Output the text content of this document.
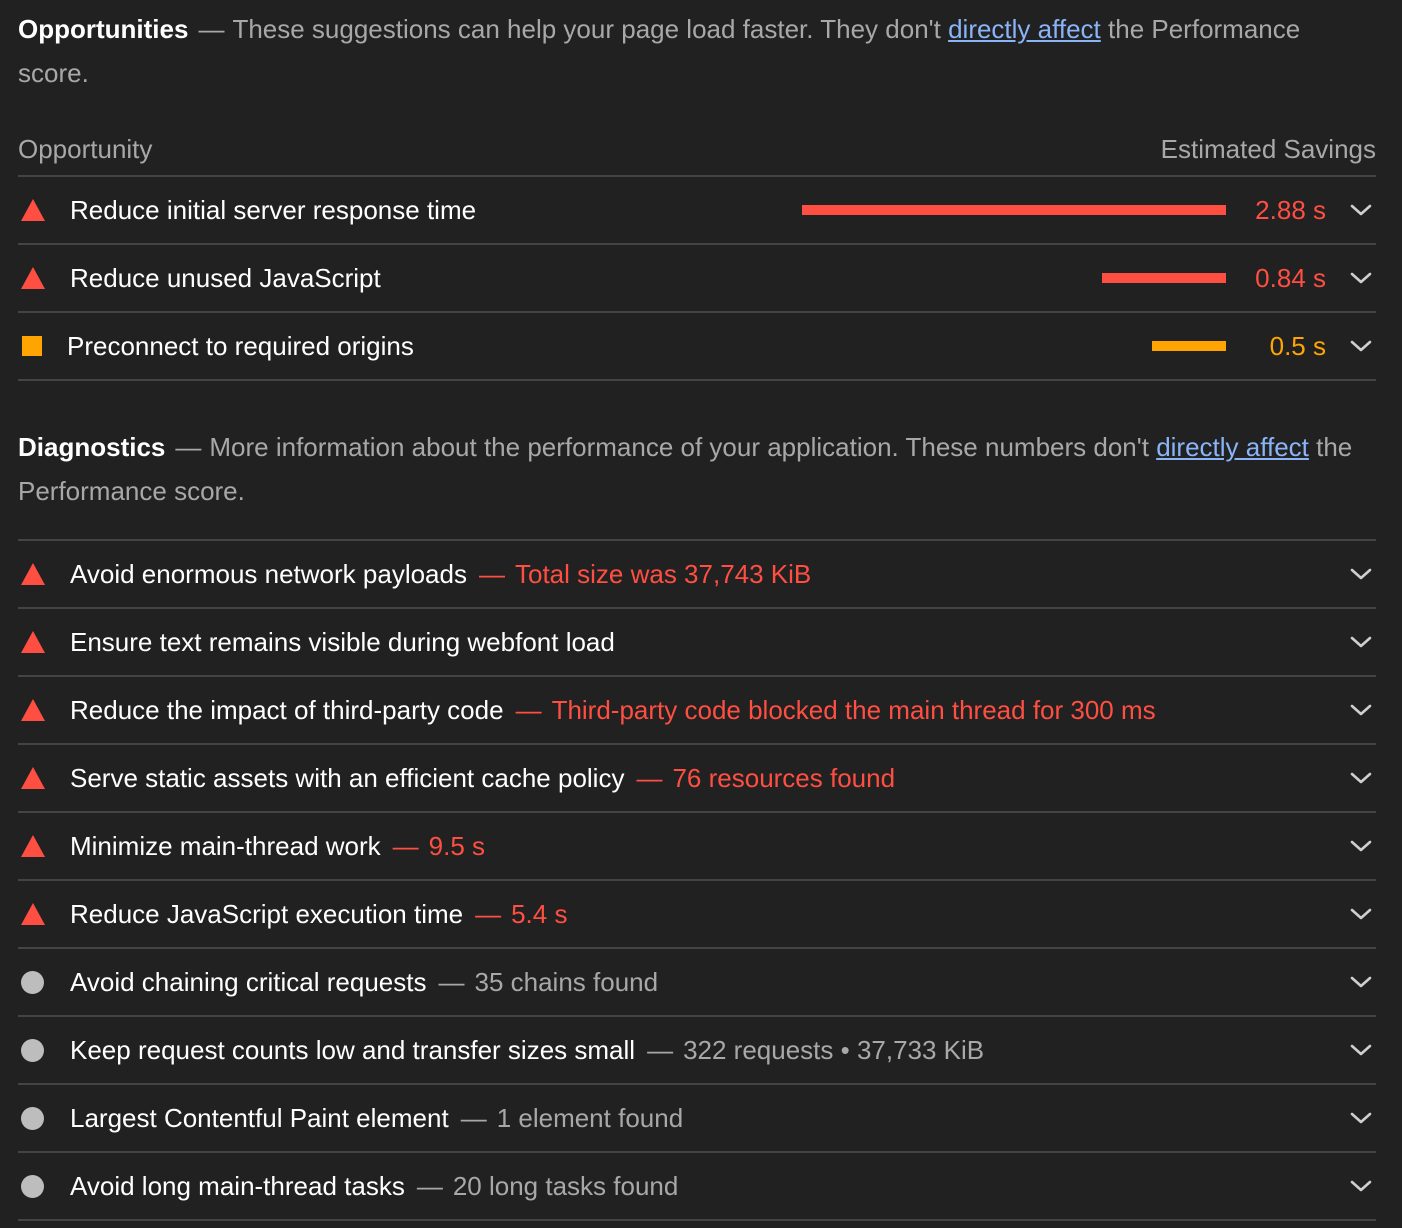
Opportunities — These suggestions can help your page load faster. They don't directly affect the Performance score.
Opportunity	Estimated Savings
Reduce initial server response time	2.88 s
Reduce unused JavaScript	0.84 s
Preconnect to required origins	0.5 s
Diagnostics — More information about the performance of your application. These numbers don't directly affect the Performance score.
Avoid enormous network payloads — Total size was 37,743 KiB
Ensure text remains visible during webfont load
Reduce the impact of third-party code — Third-party code blocked the main thread for 300 ms
Serve static assets with an efficient cache policy — 76 resources found
Minimize main-thread work — 9.5 s
Reduce JavaScript execution time — 5.4 s
Avoid chaining critical requests — 35 chains found
Keep request counts low and transfer sizes small — 322 requests • 37,733 KiB
Largest Contentful Paint element — 1 element found
Avoid long main-thread tasks — 20 long tasks found
